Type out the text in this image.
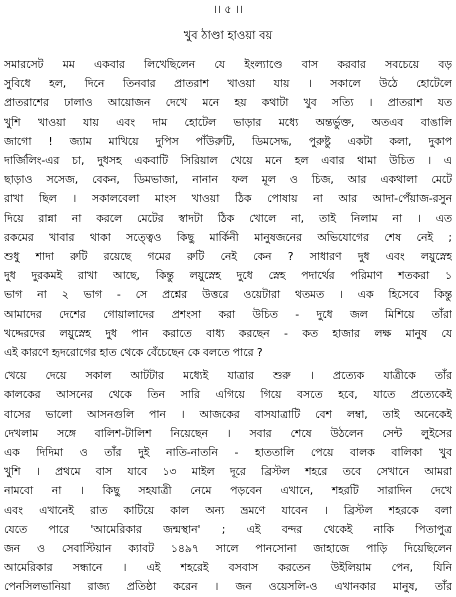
।। ৫ ।।
খুব ঠাণ্ডা হাওয়া বয়
সমারসেট মম একবার লিখেছিলেন যে ইংল্যাণ্ডে বাস করবার সবচেয়ে বড়
সুবিধে হল, দিনে তিনবার প্রাতরাশ খাওয়া যায় । সকালে উঠে হোটেলে
প্রাতরাশের ঢালাও আয়োজন দেখে মনে হয় কথাটা খুব সত্যি । প্রাতরাশ যত
খুশি খাওয়া যায় এবং দাম হোটেল ভাড়ার মধ্যে অন্তর্ভুক্ত, অতএব বাঙালি
জাগো ! জ্যাম মাখিয়ে দুপিস পাঁউরুটি, ডিমসেদ্ধ, পুরুষ্টু একটা কলা, দুকাপ
দার্জিলিং-এর চা, দুধসহ একবাটি সিরিয়াল খেয়ে মনে হল এবার থামা উচিত । এ
ছাড়াও সসেজ, বেকন, ডিমভাজা, নানান ফল মূল ও চিজ, আর একথালা মেটে
রাখা ছিল । সকালবেলা মাংস খাওয়া ঠিক পোষায় না আর আদা-পেঁয়াজ-রসুন
দিয়ে রান্না না করলে মেটের স্বাদটা ঠিক খোলে না, তাই নিলাম না । এত
রকমের খাবার থাকা সত্ত্বেও কিছু মার্কিনী মানুষজনের অভিযোগের শেষ নেই ;
শুধু শাদা রুটি রয়েছে গমের রুটি নেই কেন ? সাধারণ দুধ এবং লয়ুস্নেহ
দুধ দুরকমই রাখা আছে, কিন্তু লয়ুস্নেহ দুধে স্নেহ পদার্থের পরিমাণ শতকরা ১
ভাগ না ২ ভাগ - সে প্রশ্নের উত্তরে ওয়েটারা থতমত । এক হিসেবে কিন্তু
আমাদের দেশের গোয়ালাদের প্রশংসা করা উচিত - দুধে জল মিশিয়ে তাঁরা
খদ্দেরদের লয়ুস্নেহ দুধ পান করাতে বাধ্য করছেন - কত হাজার লক্ষ মানুষ যে
এই কারণে হৃদরোগের হাত থেকে বেঁচেছেন কে বলতে পারে ?
খেয়ে দেয়ে সকাল আটটার মধ্যেই যাত্রার শুরু । প্রত্যেক যাত্রীকে তাঁর
কালকের আসনের থেকে তিন সারি এগিয়ে গিয়ে বসতে হবে, যাতে প্রত্যেকেই
বাসের ভালো আসনগুলি পান । আজকের বাসযাত্রাটি বেশ লম্বা, তাই অনেকেই
দেখলাম সঙ্গে বালিশ-টালিশ নিয়েছেন । সবার শেষে উঠলেন সেন্ট লুইসের
এক দিদিমা ও তাঁর দুই নাতি-নাতনি - হাততালি পেয়ে বালক বালিকা খুব
খুশি । প্রথমে বাস যাবে ১৩ মাইল দূরে ব্রিস্টল শহরে তবে সেখানে আমরা
নামবো না । কিছু সহযাত্রী নেমে পড়বেন এখানে, শহরটি সারাদিন দেখে
এবং এখানেই রাত কাটিয়ে কাল অন্য ভ্রমণে যাবেন । ব্রিস্টল শহরকে বলা
যেতে পারে 'আমেরিকার জন্মস্থান' ; এই বন্দর থেকেই নাকি পিতাপুত্র
জন ও সেবাস্টিয়ান ক্যাবট ১৪৯৭ সালে পানসোনা জাহাজে পাড়ি দিয়েছিলেন
আমেরিকার সন্ধানে । এই শহরেই বসবাস করতেন উইলিয়াম পেন, যিনি
পেনসিলভানিয়া রাজ্য প্রতিষ্ঠা করেন । জন ওয়েসলি-ও এখানকার মানুষ, তাঁর
